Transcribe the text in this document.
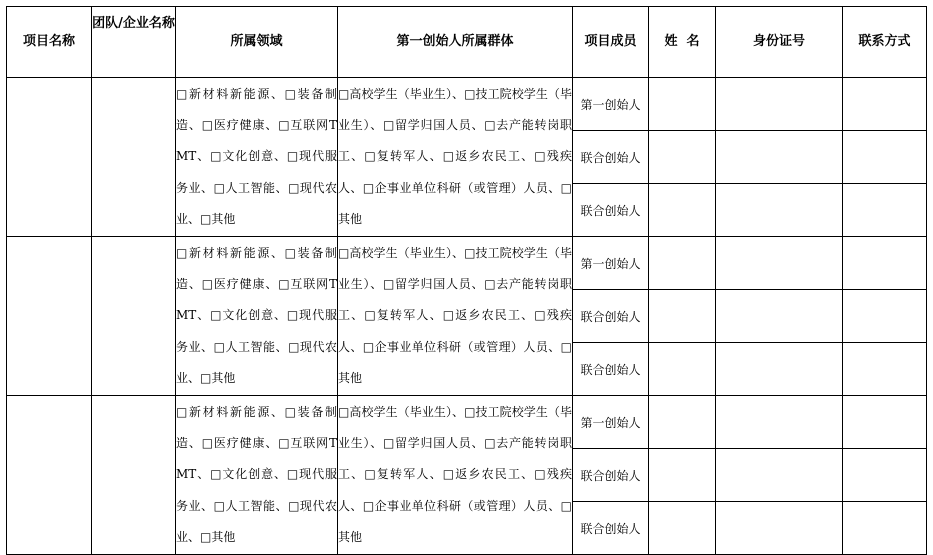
项目名称	团队/企业名称	所属领域	第一创始人所属群体	项目成员	姓  名	身份证号	联系方式
		□新材料新能源、□装备制造、□医疗健康、□互联网TMT、□文化创意、□现代服务业、□人工智能、□现代农业、□其他	□高校学生（毕业生）、□技工院校学生（毕业生）、□留学归国人员、□去产能转岗职工、□复转军人、□返乡农民工、□残疾人、□企事业单位科研（或管理）人员、□其他	第一创始人			
				联合创始人			
				联合创始人			
		□新材料新能源、□装备制造、□医疗健康、□互联网TMT、□文化创意、□现代服务业、□人工智能、□现代农业、□其他	□高校学生（毕业生）、□技工院校学生（毕业生）、□留学归国人员、□去产能转岗职工、□复转军人、□返乡农民工、□残疾人、□企事业单位科研（或管理）人员、□其他	第一创始人			
				联合创始人			
				联合创始人			
		□新材料新能源、□装备制造、□医疗健康、□互联网TMT、□文化创意、□现代服务业、□人工智能、□现代农业、□其他	□高校学生（毕业生）、□技工院校学生（毕业生）、□留学归国人员、□去产能转岗职工、□复转军人、□返乡农民工、□残疾人、□企事业单位科研（或管理）人员、□其他	第一创始人			
				联合创始人			
				联合创始人			
